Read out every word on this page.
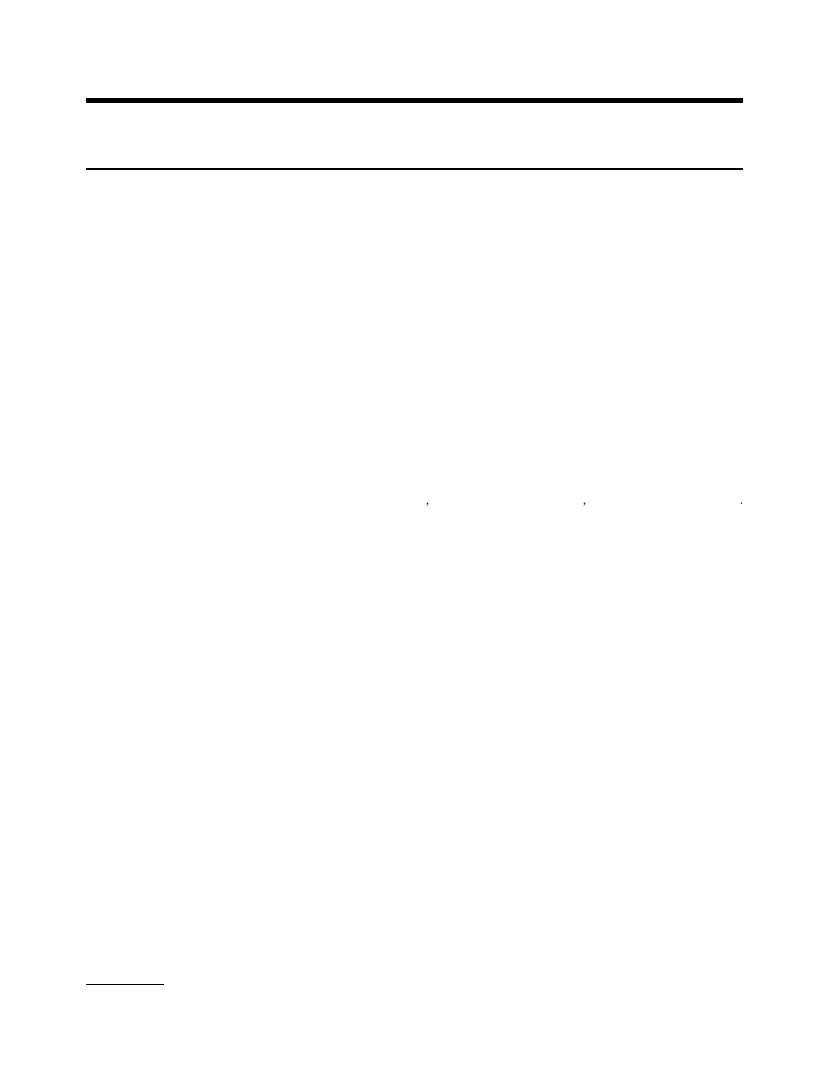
, , .
